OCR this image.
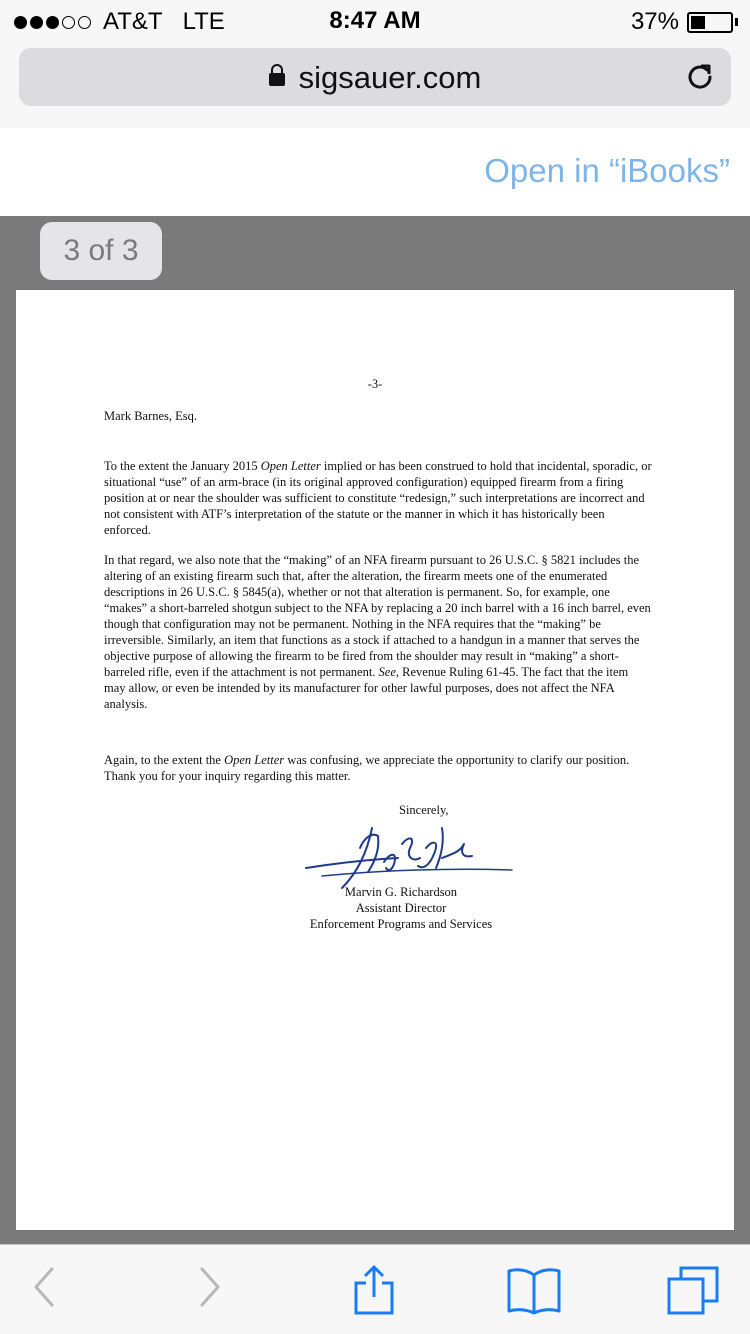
AT&T LTE	8:47 AM	37%
sigsauer.com
Open in “iBooks”
3 of 3
-3-
Mark Barnes, Esq.
To the extent the January 2015 Open Letter implied or has been construed to hold that incidental, sporadic, or situational “use” of an arm-brace (in its original approved configuration) equipped firearm from a firing position at or near the shoulder was sufficient to constitute “redesign,” such interpretations are incorrect and not consistent with ATF’s interpretation of the statute or the manner in which it has historically been enforced.
In that regard, we also note that the “making” of an NFA firearm pursuant to 26 U.S.C. § 5821 includes the altering of an existing firearm such that, after the alteration, the firearm meets one of the enumerated descriptions in 26 U.S.C. § 5845(a), whether or not that alteration is permanent. So, for example, one “makes” a short-barreled shotgun subject to the NFA by replacing a 20 inch barrel with a 16 inch barrel, even though that configuration may not be permanent. Nothing in the NFA requires that the “making” be irreversible. Similarly, an item that functions as a stock if attached to a handgun in a manner that serves the objective purpose of allowing the firearm to be fired from the shoulder may result in “making” a short-barreled rifle, even if the attachment is not permanent. See, Revenue Ruling 61-45. The fact that the item may allow, or even be intended by its manufacturer for other lawful purposes, does not affect the NFA analysis.
Again, to the extent the Open Letter was confusing, we appreciate the opportunity to clarify our position. Thank you for your inquiry regarding this matter.
Sincerely,
Marvin G. Richardson
Assistant Director
Enforcement Programs and Services
